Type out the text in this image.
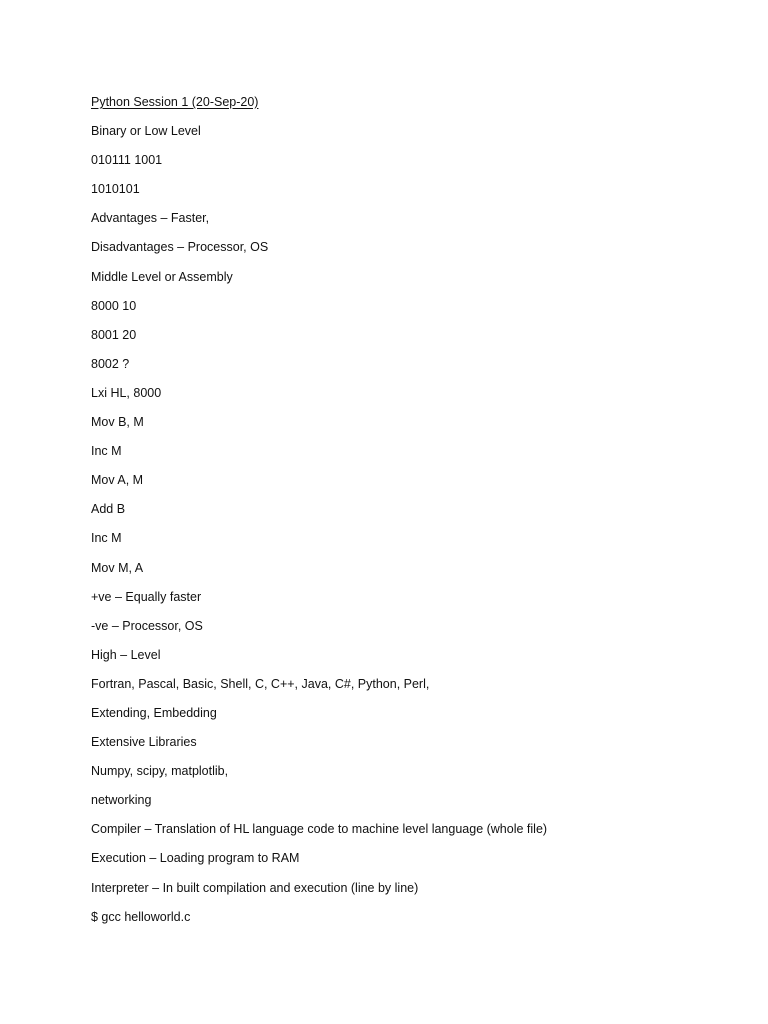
Python Session 1 (20-Sep-20)
Binary or Low Level
010111 1001
1010101
Advantages – Faster,
Disadvantages – Processor, OS
Middle Level or Assembly
8000 10
8001 20
8002 ?
Lxi HL, 8000
Mov B, M
Inc M
Mov A, M
Add B
Inc M
Mov M, A
+ve – Equally faster
-ve – Processor, OS
High – Level
Fortran, Pascal, Basic, Shell, C, C++, Java, C#, Python, Perl,
Extending, Embedding
Extensive Libraries
Numpy, scipy, matplotlib,
networking
Compiler – Translation of HL language code to machine level language (whole file)
Execution – Loading program to RAM
Interpreter – In built compilation and execution (line by line)
$ gcc helloworld.c
